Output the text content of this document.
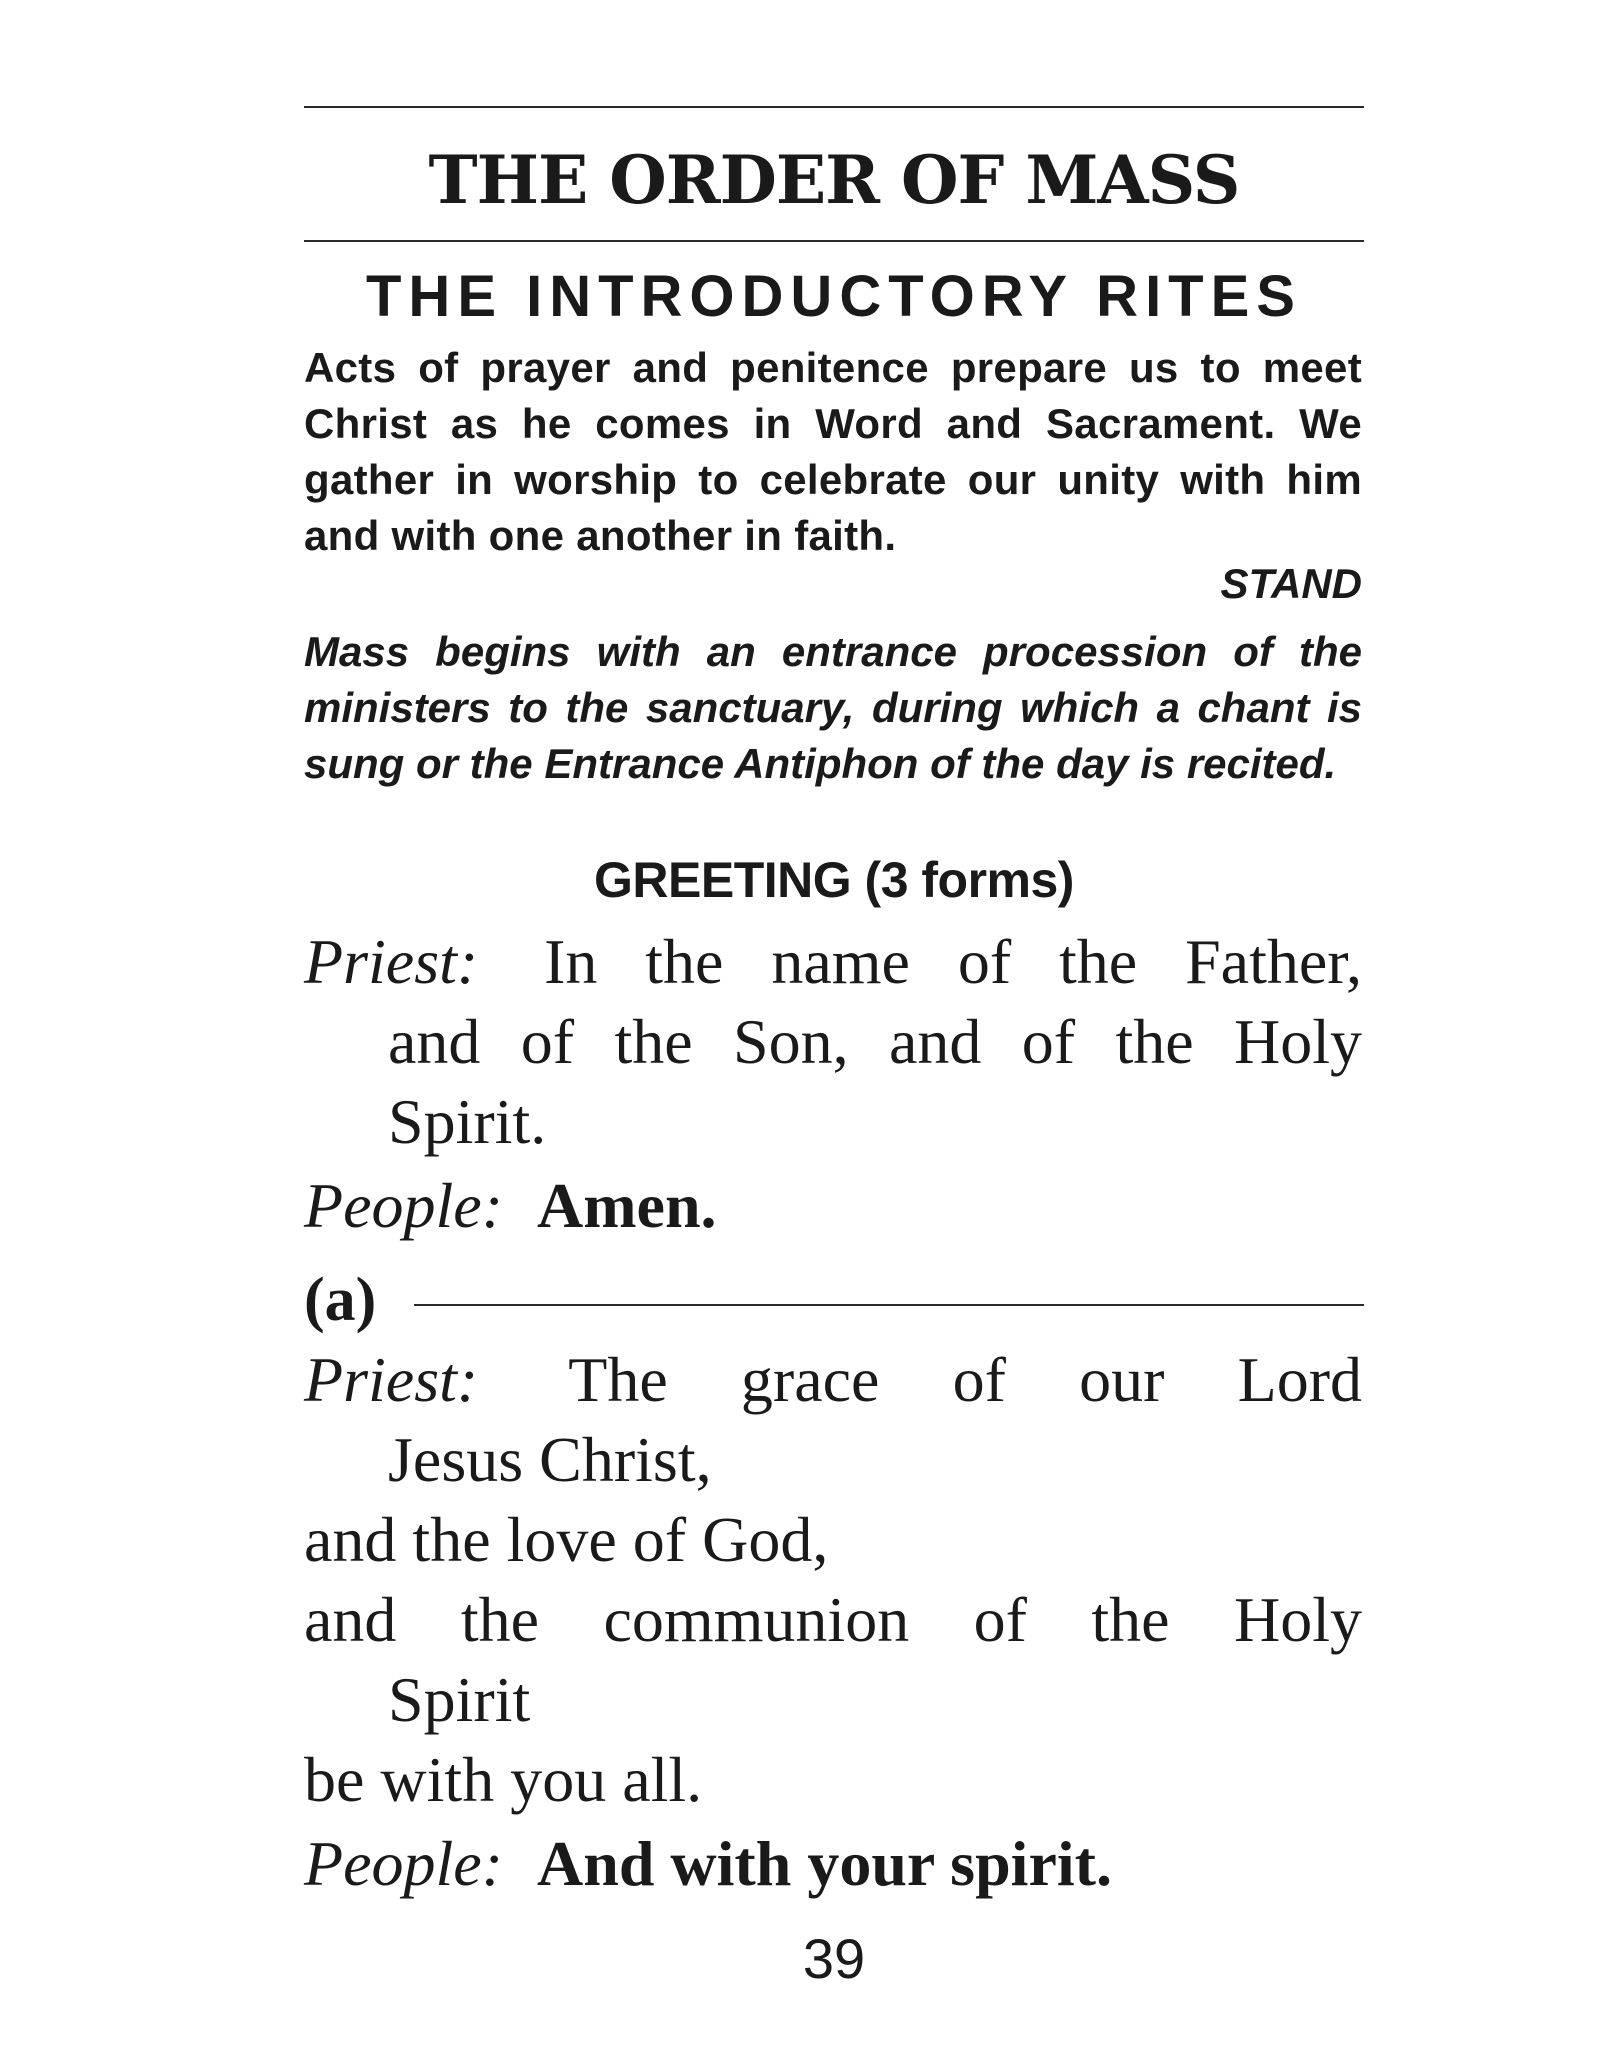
THE ORDER OF MASS
THE INTRODUCTORY RITES
Acts of prayer and penitence prepare us to meet Christ as he comes in Word and Sacrament. We gather in worship to celebrate our unity with him and with one another in faith.
STAND
Mass begins with an entrance procession of the ministers to the sanctuary, during which a chant is sung or the Entrance Antiphon of the day is recited.
GREETING (3 forms)
Priest: In the name of the Father,
and of the Son, and of the Holy
Spirit.
People: Amen.
(a)
Priest: The grace of our Lord
Jesus Christ,
and the love of God,
and the communion of the Holy
Spirit
be with you all.
People: And with your spirit.
39
